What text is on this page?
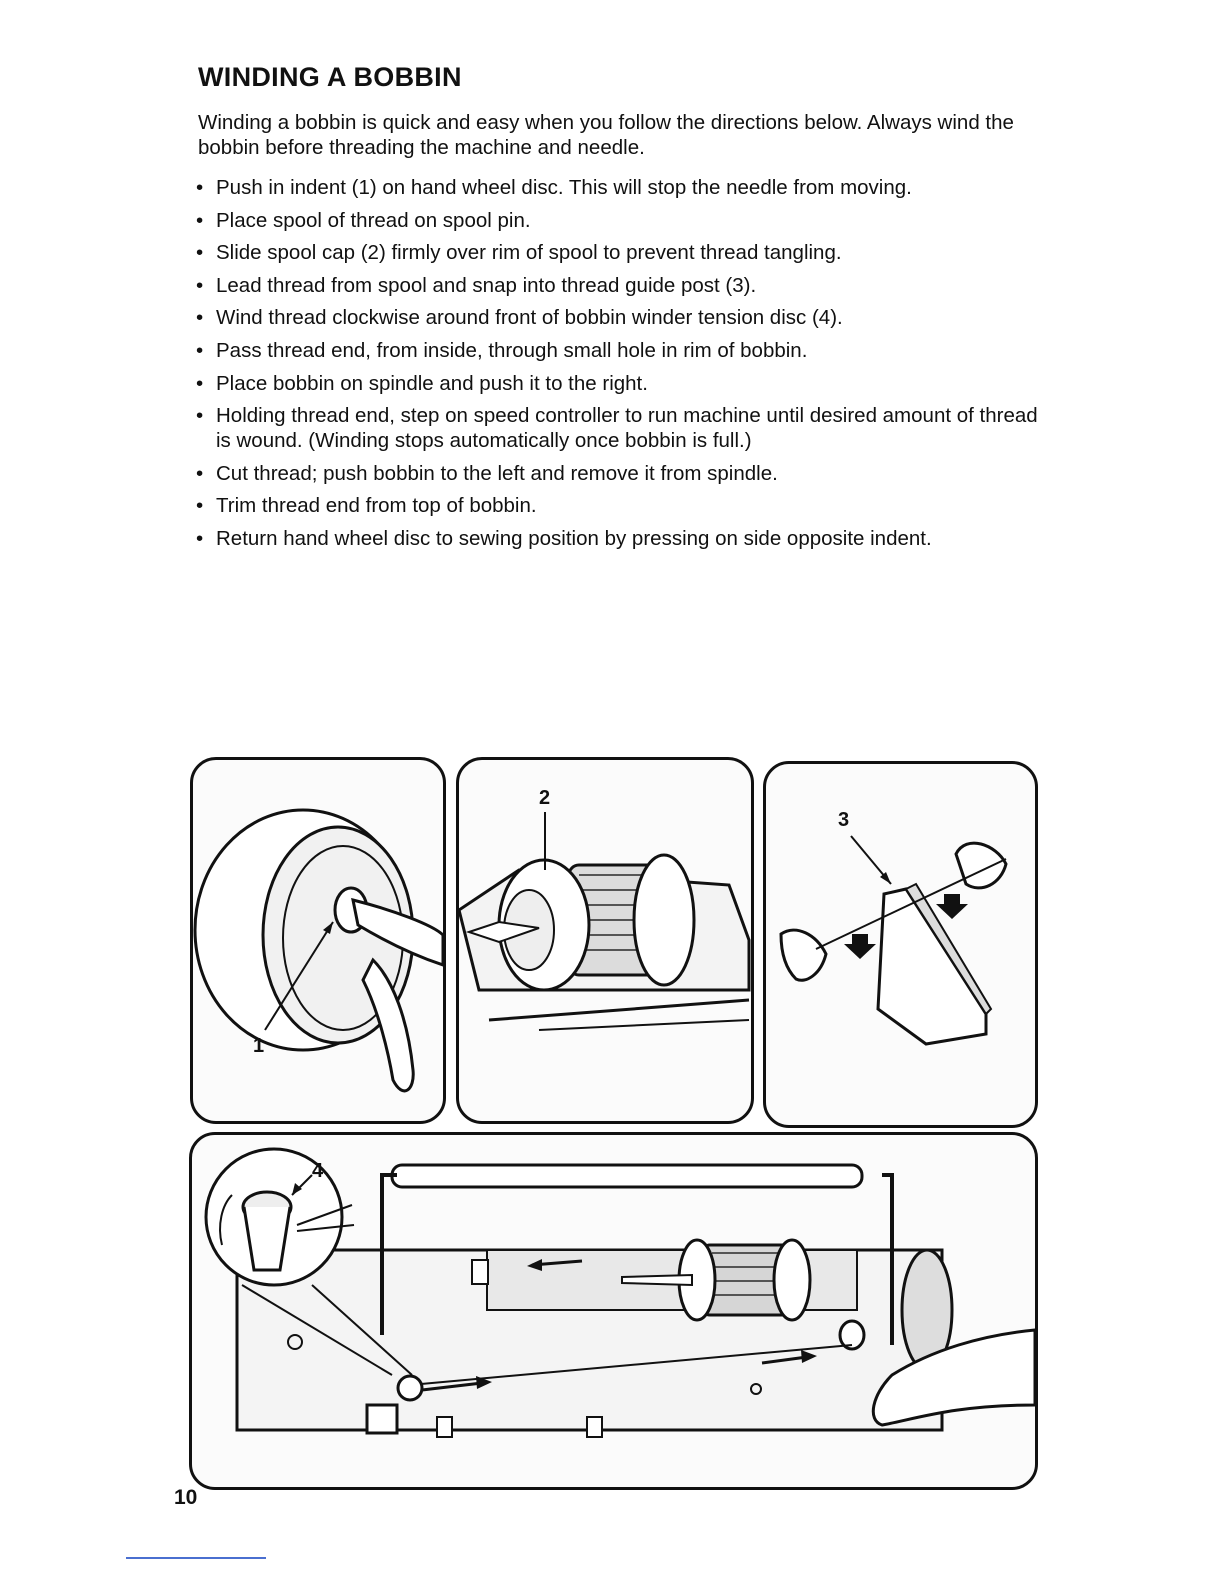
WINDING A BOBBIN
Winding a bobbin is quick and easy when you follow the directions below. Always wind the bobbin before threading the machine and needle.
• Push in indent (1) on hand wheel disc. This will stop the needle from moving.
• Place spool of thread on spool pin.
• Slide spool cap (2) firmly over rim of spool to prevent thread tangling.
• Lead thread from spool and snap into thread guide post (3).
• Wind thread clockwise around front of bobbin winder tension disc (4).
• Pass thread end, from inside, through small hole in rim of bobbin.
• Place bobbin on spindle and push it to the right.
• Holding thread end, step on speed controller to run machine until desired amount of thread is wound. (Winding stops automatically once bobbin is full.)
• Cut thread; push bobbin to the left and remove it from spindle.
• Trim thread end from top of bobbin.
• Return hand wheel disc to sewing position by pressing on side opposite indent.
1
2
3
4
10
